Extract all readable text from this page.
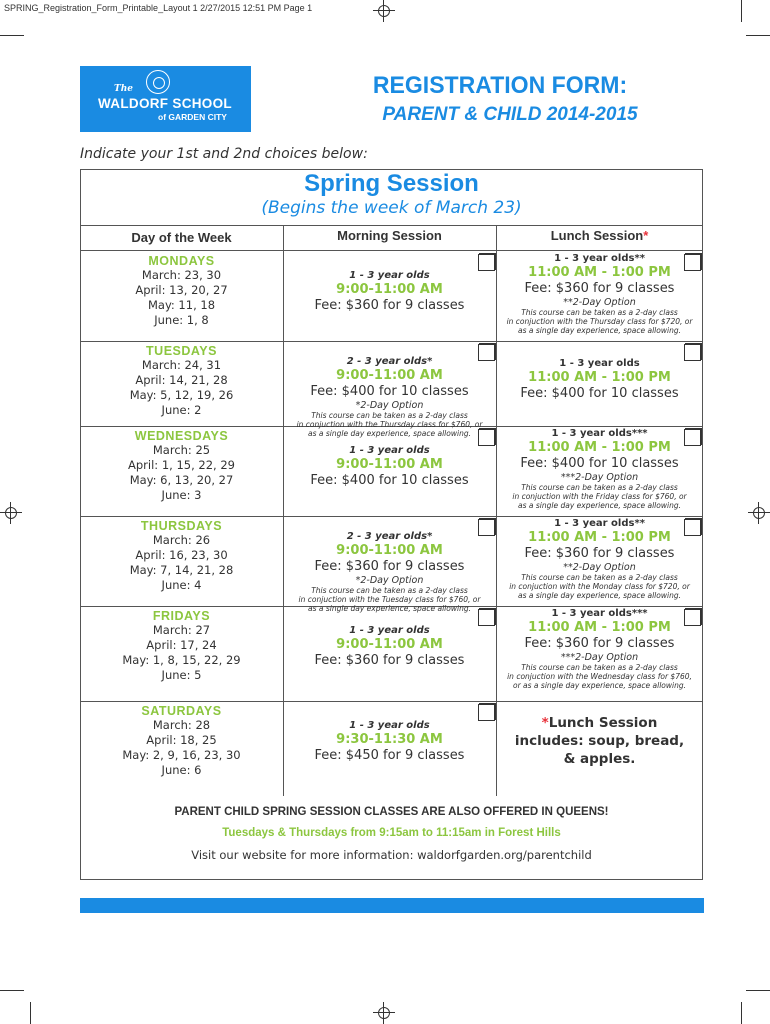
SPRING_Registration_Form_Printable_Layout 1 2/27/2015 12:51 PM Page 1
The
WALDORF SCHOOL
of GARDEN CITY
REGISTRATION FORM:
PARENT & CHILD 2014-2015
Indicate your 1st and 2nd choices below:
Spring Session
(Begins the week of March 23)
Day of the Week	Morning Session	Lunch Session*
MONDAYS
March: 23, 30
April: 13, 20, 27
May: 11, 18
June: 1, 8
1 - 3 year olds
9:00-11:00 AM
Fee: $360 for 9 classes
1 - 3 year olds**
11:00 AM - 1:00 PM
Fee: $360 for 9 classes
**2-Day Option
This course can be taken as a 2-day class
in conjuction with the Thursday class for $720, or
as a single day experience, space allowing.
TUESDAYS
March: 24, 31
April: 14, 21, 28
May: 5, 12, 19, 26
June: 2
2 - 3 year olds*
9:00-11:00 AM
Fee: $400 for 10 classes
*2-Day Option
This course can be taken as a 2-day class
in conjuction with the Thursday class for $760, or
as a single day experience, space allowing.
1 - 3 year olds
11:00 AM - 1:00 PM
Fee: $400 for 10 classes
WEDNESDAYS
March: 25
April: 1, 15, 22, 29
May: 6, 13, 20, 27
June: 3
1 - 3 year olds
9:00-11:00 AM
Fee: $400 for 10 classes
1 - 3 year olds***
11:00 AM - 1:00 PM
Fee: $400 for 10 classes
***2-Day Option
This course can be taken as a 2-day class
in conjuction with the Friday class for $760, or
as a single day experience, space allowing.
THURSDAYS
March: 26
April: 16, 23, 30
May: 7, 14, 21, 28
June: 4
2 - 3 year olds*
9:00-11:00 AM
Fee: $360 for 9 classes
*2-Day Option
This course can be taken as a 2-day class
in conjuction with the Tuesday class for $760, or
as a single day experience, space allowing.
1 - 3 year olds**
11:00 AM - 1:00 PM
Fee: $360 for 9 classes
**2-Day Option
This course can be taken as a 2-day class
in conjuction with the Monday class for $720, or
as a single day experience, space allowing.
FRIDAYS
March: 27
April: 17, 24
May: 1, 8, 15, 22, 29
June: 5
1 - 3 year olds
9:00-11:00 AM
Fee: $360 for 9 classes
1 - 3 year olds***
11:00 AM - 1:00 PM
Fee: $360 for 9 classes
***2-Day Option
This course can be taken as a 2-day class
in conjuction with the Wednesday class for $760,
or as a single day experience, space allowing.
SATURDAYS
March: 28
April: 18, 25
May: 2, 9, 16, 23, 30
June: 6
1 - 3 year olds
9:30-11:30 AM
Fee: $450 for 9 classes
*Lunch Session
includes: soup, bread,
& apples.
PARENT CHILD SPRING SESSION CLASSES ARE ALSO OFFERED IN QUEENS!
Tuesdays & Thursdays from 9:15am to 11:15am in Forest Hills
Visit our website for more information: waldorfgarden.org/parentchild
